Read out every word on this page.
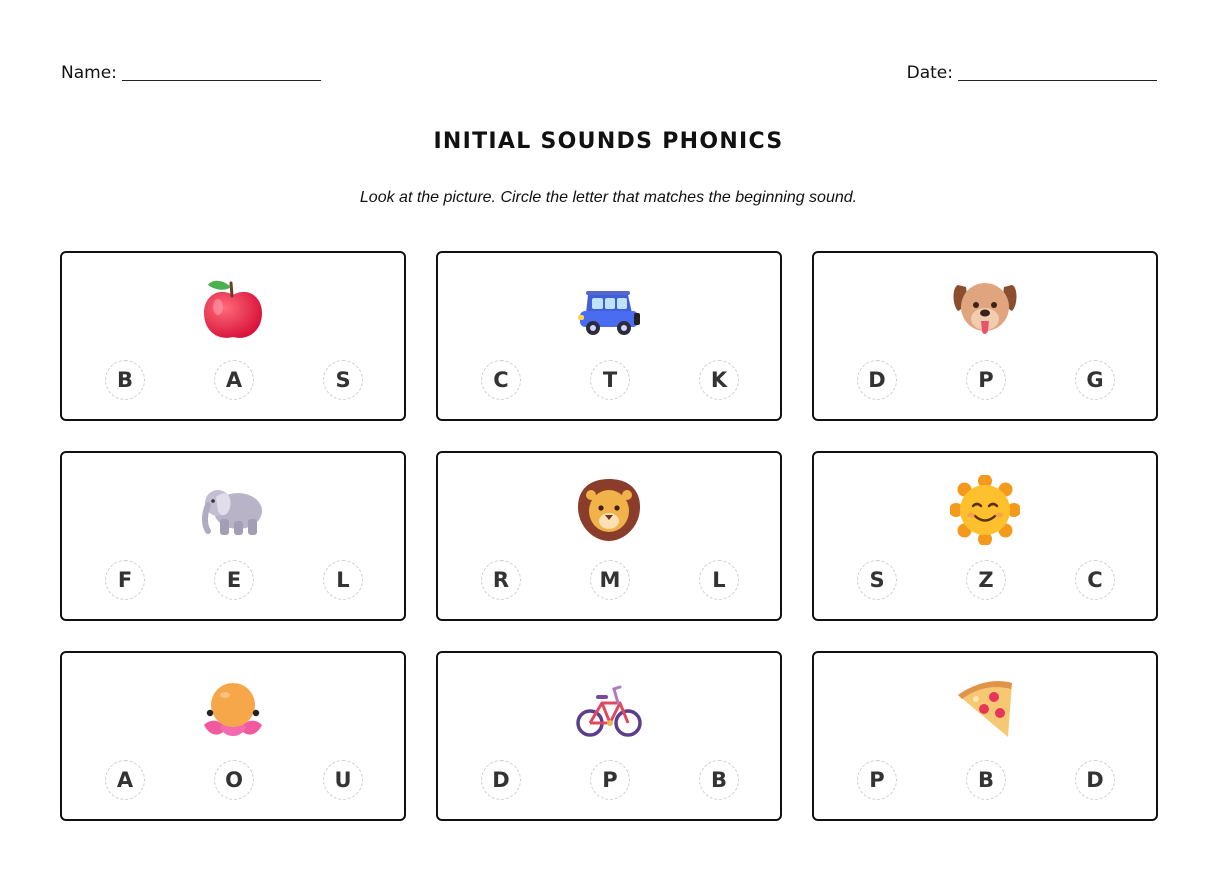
Name:	Date:
INITIAL SOUNDS PHONICS
Look at the picture. Circle the letter that matches the beginning sound.
B	A	S	C	T	K	D	P	G
F	E	L	R	M	L	S	Z	C
A	O	U	D	P	B	P	B	D
